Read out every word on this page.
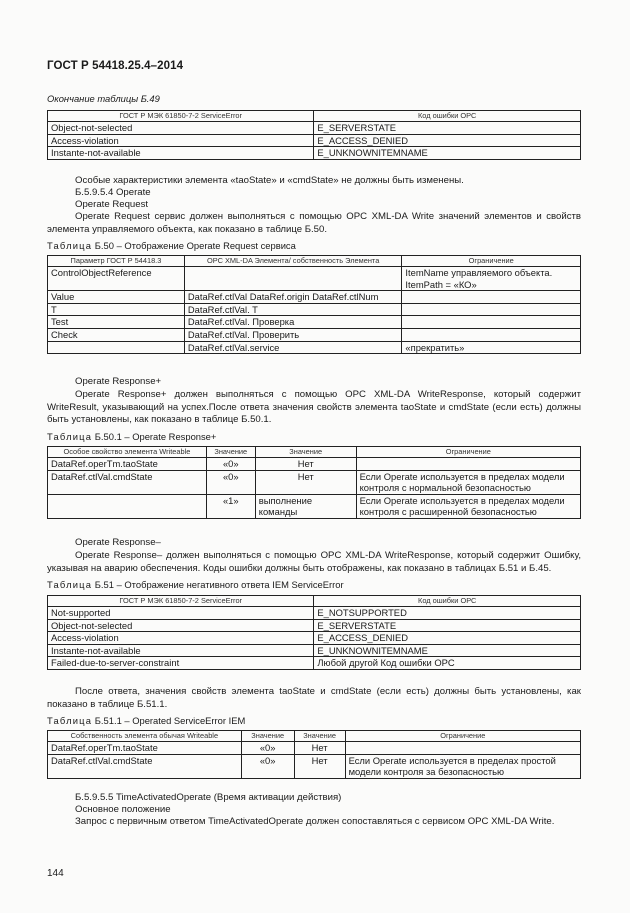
ГОСТ Р 54418.25.4–2014
Окончание таблицы Б.49
ГОСТ Р МЭК 61850-7-2 ServiceError	Код ошибки ОРС
Object-not-selected	E_SERVERSTATE
Access-violation	E_ACCESS_DENIED
Instante-not-available	E_UNKNOWNITEMNAME
Особые характеристики элемента «taoState» и «cmdState» не должны быть изменены.
Б.5.9.5.4 Operate
Operate Request
Operate Request сервис должен выполняться с помощью OPC XML-DA Write значений элементов и свойств элемента управляемого объекта, как показано в таблице Б.50.
Таблица Б.50 – Отображение Operate Request сервиса
Параметр ГОСТ Р 54418.3	ОРС XML-DA Элемента/ собственность Элемента	Ограничение
ControlObjectReference		ItemName управляемого объекта. ItemPath = «КО»
Value	DataRef.ctlVal DataRef.origin DataRef.ctlNum	
T	DataRef.ctlVal. T	
Test	DataRef.ctlVal. Проверка	
Check	DataRef.ctlVal. Проверить	
	DataRef.ctlVal.service	«прекратить»
Operate Response+
Operate Response+ должен выполняться с помощью OPC XML-DA WriteResponse, который содержит WriteResult, указывающий на успех.После ответа значения свойств элемента taoState и cmdState (если есть) должны быть установлены, как показано в таблице Б.50.1.
Таблица Б.50.1 – Operate Response+
Особое свойство элемента Writeable	Значение	Значение	Ограничение
DataRef.operTm.taoState	«0»	Нет	
DataRef.ctlVal.cmdState	«0»	Нет	Если Operate используется в пределах модели контроля с нормальной безопасностью
	«1»	выполнение команды	Если Operate используется в пределах модели контроля с расширенной безопасностью
Operate Response–
Operate Response– должен выполняться с помощью OPC XML-DA WriteResponse, который содержит Ошибку, указывая на аварию обеспечения. Коды ошибки должны быть отображены, как показано в таблицах Б.51 и Б.45.
Таблица Б.51 – Отображение негативного ответа IEM ServiceError
ГОСТ Р МЭК 61850-7-2 ServiceError	Код ошибки ОРС
Not-supported	E_NOTSUPPORTED
Object-not-selected	E_SERVERSTATE
Access-violation	E_ACCESS_DENIED
Instante-not-available	E_UNKNOWNITEMNAME
Failed-due-to-server-constraint	Любой другой Код ошибки ОРС
После ответа, значения свойств элемента taoState и cmdState (если есть) должны быть установлены, как показано в таблице Б.51.1.
Таблица Б.51.1 – Operated ServiceError IEM
Собственность элемента обычая Writeable	Значение	Значение	Ограничение
DataRef.operTm.taoState	«0»	Нет	
DataRef.ctlVal.cmdState	«0»	Нет	Если Operate используется в пределах простой модели контроля за безопасностью
Б.5.9.5.5 TimeActivatedOperate (Время активации действия)
Основное положение
Запрос с первичным ответом TimeActivatedOperate должен сопоставляться с сервисом OPC XML-DA Write.
144
